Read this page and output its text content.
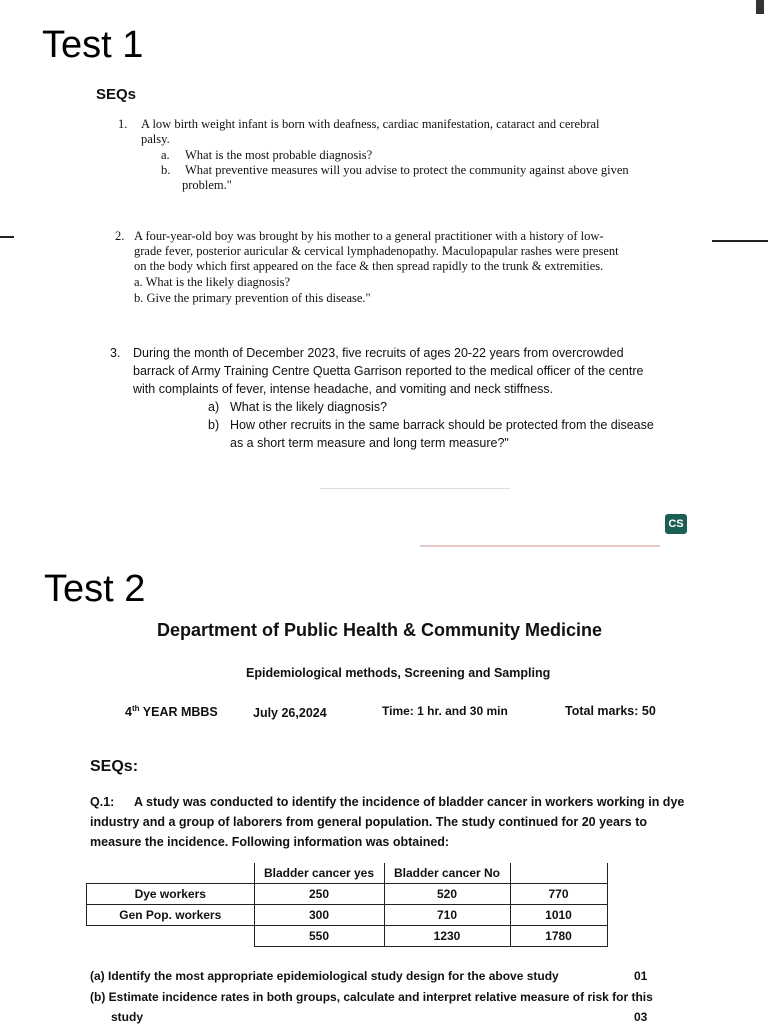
Test 1
SEQs
1. A low birth weight infant is born with deafness, cardiac manifestation, cataract and cerebral
palsy.
a. What is the most probable diagnosis?
b. What preventive measures will you advise to protect the community against above given
problem."
2. A four-year-old boy was brought by his mother to a general practitioner with a history of low-
grade fever, posterior auricular & cervical lymphadenopathy. Maculopapular rashes were present
on the body which first appeared on the face & then spread rapidly to the trunk & extremities.
a. What is the likely diagnosis?
b. Give the primary prevention of this disease."
3. During the month of December 2023, five recruits of ages 20-22 years from overcrowded
barrack of Army Training Centre Quetta Garrison reported to the medical officer of the centre
with complaints of fever, intense headache, and vomiting and neck stiffness.
a) What is the likely diagnosis?
b) How other recruits in the same barrack should be protected from the disease
as a short term measure and long term measure?"
CS
Test 2
Department of Public Health & Community Medicine
Epidemiological methods, Screening and Sampling
4th YEAR MBBS	July 26,2024	Time: 1 hr. and 30 min	Total marks: 50
SEQs:
Q.1: A study was conducted to identify the incidence of bladder cancer in workers working in dye
industry and a group of laborers from general population. The study continued for 20 years to
measure the incidence. Following information was obtained:
	Bladder cancer yes	Bladder cancer No	
Dye workers	250	520	770
Gen Pop. workers	300	710	1010
	550	1230	1780
(a) Identify the most appropriate epidemiological study design for the above study	01
(b) Estimate incidence rates in both groups, calculate and interpret relative measure of risk for this
study	03
